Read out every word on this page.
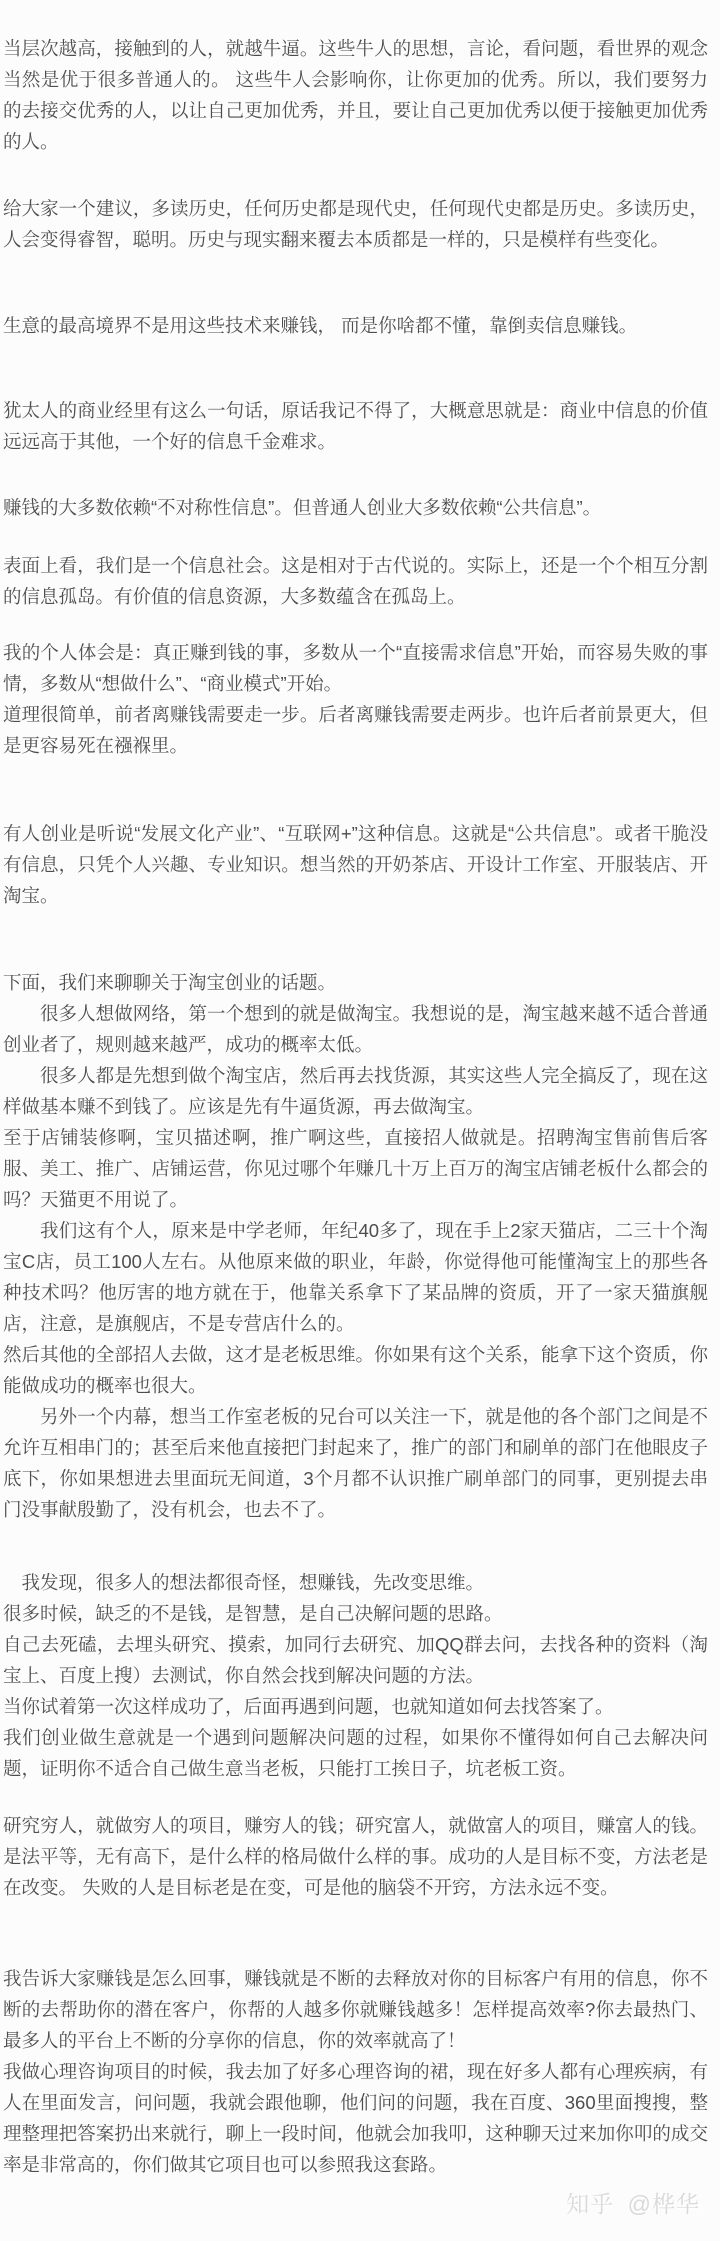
当层次越高，接触到的人，就越牛逼。这些牛人的思想，言论，看问题，看世界的观念当然是优于很多普通人的。 这些牛人会影响你，让你更加的优秀。所以，我们要努力的去接交优秀的人，以让自己更加优秀，并且，要让自己更加优秀以便于接触更加优秀的人。

给大家一个建议，多读历史，任何历史都是现代史，任何现代史都是历史。多读历史，人会变得睿智，聪明。历史与现实翻来覆去本质都是一样的，只是模样有些变化。

生意的最高境界不是用这些技术来赚钱， 而是你啥都不懂，靠倒卖信息赚钱。

犹太人的商业经里有这么一句话，原话我记不得了，大概意思就是：商业中信息的价值远远高于其他，一个好的信息千金难求。

赚钱的大多数依赖“不对称性信息”。但普通人创业大多数依赖“公共信息”。

表面上看，我们是一个信息社会。这是相对于古代说的。实际上，还是一个个相互分割的信息孤岛。有价值的信息资源，大多数蕴含在孤岛上。

我的个人体会是：真正赚到钱的事，多数从一个“直接需求信息”开始，而容易失败的事情，多数从“想做什么”、“商业模式”开始。

道理很简单，前者离赚钱需要走一步。后者离赚钱需要走两步。也许后者前景更大，但是更容易死在襁褓里。

有人创业是听说“发展文化产业”、“互联网+”这种信息。这就是“公共信息”。或者干脆没有信息，只凭个人兴趣、专业知识。想当然的开奶茶店、开设计工作室、开服装店、开淘宝。

下面，我们来聊聊关于淘宝创业的话题。

很多人想做网络，第一个想到的就是做淘宝。我想说的是，淘宝越来越不适合普通创业者了，规则越来越严，成功的概率太低。

很多人都是先想到做个淘宝店，然后再去找货源，其实这些人完全搞反了，现在这样做基本赚不到钱了。应该是先有牛逼货源，再去做淘宝。

至于店铺装修啊，宝贝描述啊，推广啊这些，直接招人做就是。招聘淘宝售前售后客服、美工、推广、店铺运营，你见过哪个年赚几十万上百万的淘宝店铺老板什么都会的吗？天猫更不用说了。

我们这有个人，原来是中学老师，年纪40多了，现在手上2家天猫店，二三十个淘宝C店，员工100人左右。从他原来做的职业，年龄，你觉得他可能懂淘宝上的那些各种技术吗？他厉害的地方就在于，他靠关系拿下了某品牌的资质，开了一家天猫旗舰店，注意，是旗舰店，不是专营店什么的。

然后其他的全部招人去做，这才是老板思维。你如果有这个关系，能拿下这个资质，你能做成功的概率也很大。

另外一个内幕，想当工作室老板的兄台可以关注一下，就是他的各个部门之间是不允许互相串门的；甚至后来他直接把门封起来了，推广的部门和刷单的部门在他眼皮子底下，你如果想进去里面玩无间道，3个月都不认识推广刷单部门的同事，更别提去串门没事献殷勤了，没有机会，也去不了。

我发现，很多人的想法都很奇怪，想赚钱，先改变思维。

很多时候，缺乏的不是钱，是智慧，是自己决解问题的思路。

自己去死磕，去埋头研究、摸索，加同行去研究、加QQ群去问，去找各种的资料（淘宝上、百度上搜）去测试，你自然会找到解决问题的方法。

当你试着第一次这样成功了，后面再遇到问题，也就知道如何去找答案了。

我们创业做生意就是一个遇到问题解决问题的过程，如果你不懂得如何自己去解决问题，证明你不适合自己做生意当老板，只能打工挨日子，坑老板工资。

研究穷人，就做穷人的项目，赚穷人的钱；研究富人，就做富人的项目，赚富人的钱。是法平等，无有高下，是什么样的格局做什么样的事。成功的人是目标不变，方法老是在改变。 失败的人是目标老是在变，可是他的脑袋不开窍，方法永远不变。

我告诉大家赚钱是怎么回事，赚钱就是不断的去释放对你的目标客户有用的信息，你不断的去帮助你的潜在客户，你帮的人越多你就赚钱越多！怎样提高效率?你去最热门、最多人的平台上不断的分享你的信息，你的效率就高了！

我做心理咨询项目的时候，我去加了好多心理咨询的裙，现在好多人都有心理疾病，有人在里面发言，问问题，我就会跟他聊，他们问的问题，我在百度、360里面搜搜，整理整理把答案扔出来就行，聊上一段时间，他就会加我叩，这种聊天过来加你叩的成交率是非常高的，你们做其它项目也可以参照我这套路。

知乎 @桦华
